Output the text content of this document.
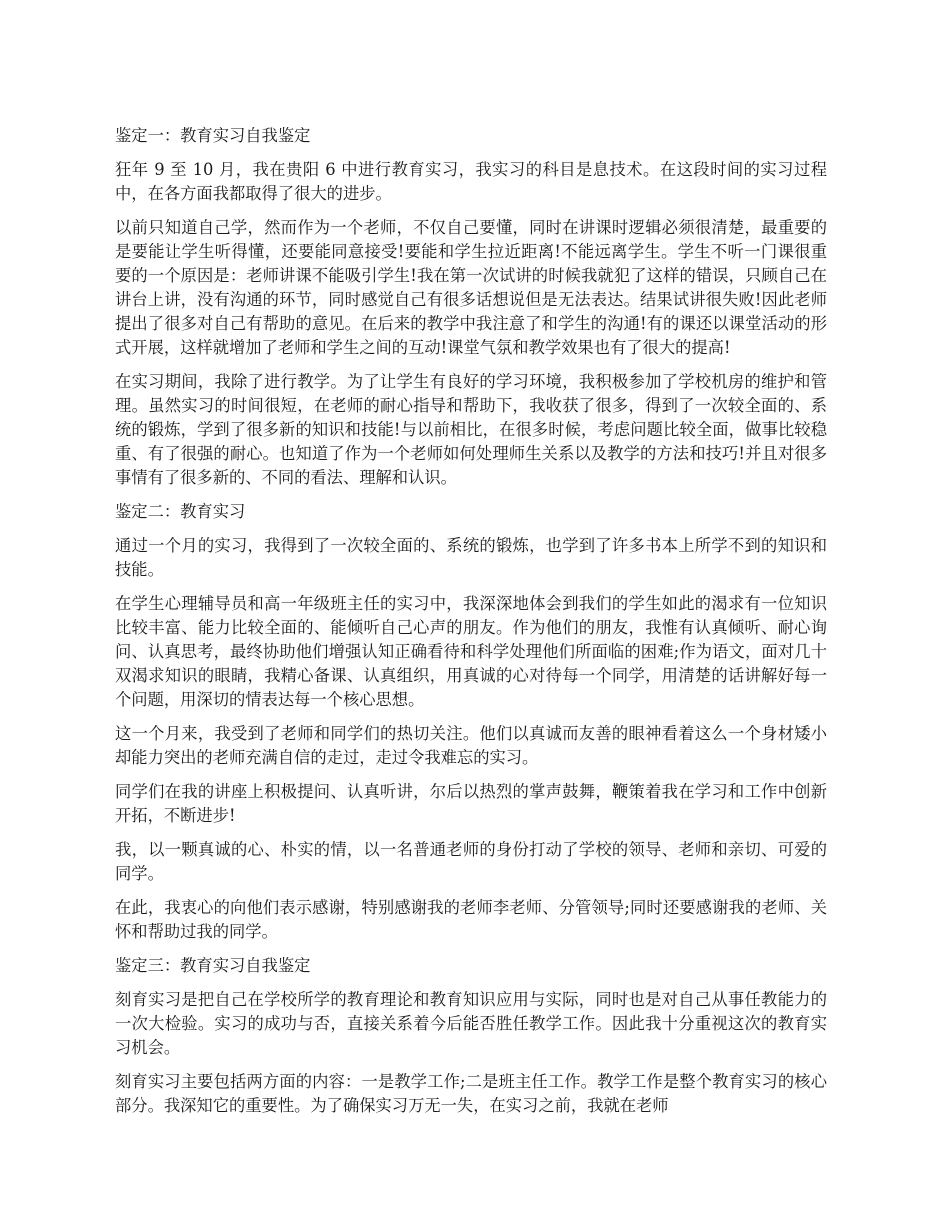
鉴定一：教育实习自我鉴定

狂年 9 至 10 月，我在贵阳 6 中进行教育实习，我实习的科目是息技术。在这段时间的实习过程中，在各方面我都取得了很大的进步。

以前只知道自己学，然而作为一个老师，不仅自己要懂，同时在讲课时逻辑必须很清楚，最重要的是要能让学生听得懂，还要能同意接受!要能和学生拉近距离!不能远离学生。学生不听一门课很重要的一个原因是：老师讲课不能吸引学生!我在第一次试讲的时候我就犯了这样的错误，只顾自己在讲台上讲，没有沟通的环节，同时感觉自己有很多话想说但是无法表达。结果试讲很失败!因此老师提出了很多对自己有帮助的意见。在后来的教学中我注意了和学生的沟通!有的课还以课堂活动的形式开展，这样就增加了老师和学生之间的互动!课堂气氛和教学效果也有了很大的提高!

在实习期间，我除了进行教学。为了让学生有良好的学习环境，我积极参加了学校机房的维护和管理。虽然实习的时间很短，在老师的耐心指导和帮助下，我收获了很多，得到了一次较全面的、系统的锻炼，学到了很多新的知识和技能!与以前相比，在很多时候，考虑问题比较全面，做事比较稳重、有了很强的耐心。也知道了作为一个老师如何处理师生关系以及教学的方法和技巧!并且对很多事情有了很多新的、不同的看法、理解和认识。

鉴定二：教育实习

通过一个月的实习，我得到了一次较全面的、系统的锻炼，也学到了许多书本上所学不到的知识和技能。

在学生心理辅导员和高一年级班主任的实习中，我深深地体会到我们的学生如此的渴求有一位知识比较丰富、能力比较全面的、能倾听自己心声的朋友。作为他们的朋友，我惟有认真倾听、耐心询问、认真思考，最终协助他们增强认知正确看待和科学处理他们所面临的困难;作为语文，面对几十双渴求知识的眼睛，我精心备课、认真组织，用真诚的心对待每一个同学，用清楚的话讲解好每一个问题，用深切的情表达每一个核心思想。

这一个月来，我受到了老师和同学们的热切关注。他们以真诚而友善的眼神看着这么一个身材矮小却能力突出的老师充满自信的走过，走过令我难忘的实习。

同学们在我的讲座上积极提问、认真听讲，尔后以热烈的掌声鼓舞，鞭策着我在学习和工作中创新开拓，不断进步!

我，以一颗真诚的心、朴实的情，以一名普通老师的身份打动了学校的领导、老师和亲切、可爱的同学。

在此，我衷心的向他们表示感谢，特别感谢我的老师李老师、分管领导;同时还要感谢我的老师、关怀和帮助过我的同学。

鉴定三：教育实习自我鉴定

刻育实习是把自己在学校所学的教育理论和教育知识应用与实际，同时也是对自己从事任教能力的一次大检验。实习的成功与否，直接关系着今后能否胜任教学工作。因此我十分重视这次的教育实习机会。

刻育实习主要包括两方面的内容：一是教学工作;二是班主任工作。教学工作是整个教育实习的核心部分。我深知它的重要性。为了确保实习万无一失，在实习之前，我就在老师
